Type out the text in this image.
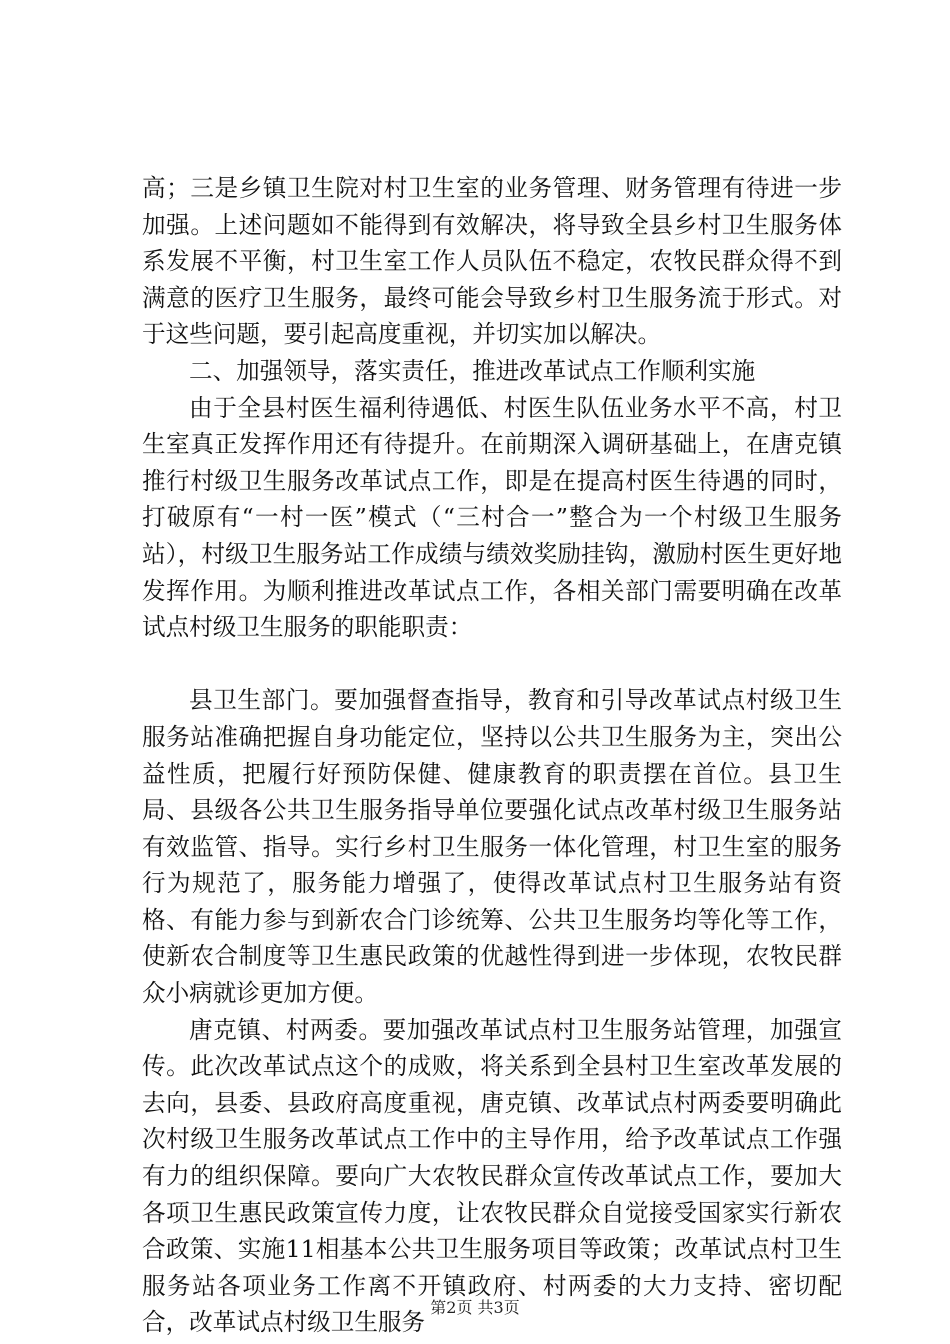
高；三是乡镇卫生院对村卫生室的业务管理、财务管理有待进一步加强。上述问题如不能得到有效解决，将导致全县乡村卫生服务体系发展不平衡，村卫生室工作人员队伍不稳定，农牧民群众得不到满意的医疗卫生服务，最终可能会导致乡村卫生服务流于形式。对于这些问题，要引起高度重视，并切实加以解决。

二、加强领导，落实责任，推进改革试点工作顺利实施

由于全县村医生福利待遇低、村医生队伍业务水平不高，村卫生室真正发挥作用还有待提升。在前期深入调研基础上，在唐克镇推行村级卫生服务改革试点工作，即是在提高村医生待遇的同时，打破原有“一村一医”模式（“三村合一”整合为一个村级卫生服务站），村级卫生服务站工作成绩与绩效奖励挂钩，激励村医生更好地发挥作用。为顺利推进改革试点工作，各相关部门需要明确在改革试点村级卫生服务的职能职责：

县卫生部门。要加强督查指导，教育和引导改革试点村级卫生服务站准确把握自身功能定位，坚持以公共卫生服务为主，突出公益性质，把履行好预防保健、健康教育的职责摆在首位。县卫生局、县级各公共卫生服务指导单位要强化试点改革村级卫生服务站有效监管、指导。实行乡村卫生服务一体化管理，村卫生室的服务行为规范了，服务能力增强了，使得改革试点村卫生服务站有资格、有能力参与到新农合门诊统筹、公共卫生服务均等化等工作，使新农合制度等卫生惠民政策的优越性得到进一步体现，农牧民群众小病就诊更加方便。

唐克镇、村两委。要加强改革试点村卫生服务站管理，加强宣传。此次改革试点这个的成败，将关系到全县村卫生室改革发展的去向，县委、县政府高度重视，唐克镇、改革试点村两委要明确此次村级卫生服务改革试点工作中的主导作用，给予改革试点工作强有力的组织保障。要向广大农牧民群众宣传改革试点工作，要加大各项卫生惠民政策宣传力度，让农牧民群众自觉接受国家实行新农合政策、实施11相基本公共卫生服务项目等政策；改革试点村卫生服务站各项业务工作离不开镇政府、村两委的大力支持、密切配合，改革试点村级卫生服务

第2页 共3页
